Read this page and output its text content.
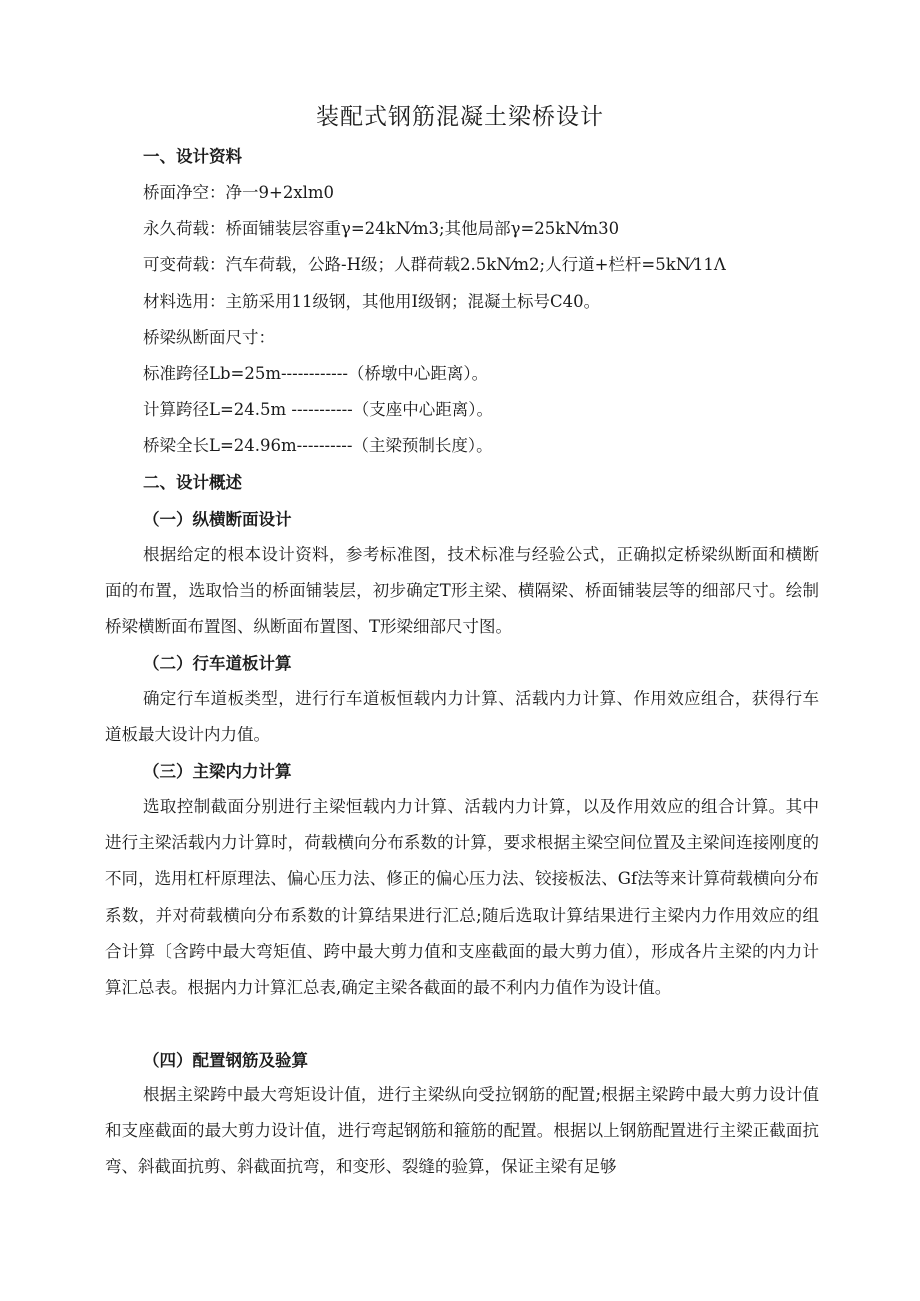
装配式钢筋混凝土梁桥设计
一、设计资料
桥面净空：净一9+2xlm0
永久荷载：桥面铺装层容重γ=24kN⁄m3;其他局部γ=25kN⁄m30
可变荷载：汽车荷载，公路-H级；人群荷载2.5kN⁄m2;人行道+栏杆=5kN⁄11Λ
材料选用：主筋采用11级钢，其他用I级钢；混凝土标号C40。
桥梁纵断面尺寸：
标准跨径Lb=25m------------（桥墩中心距离）。
计算跨径L=24.5m -----------（支座中心距离）。
桥梁全长L=24.96m----------（主梁预制长度）。
二、设计概述
（一）纵横断面设计
根据给定的根本设计资料，参考标准图，技术标准与经验公式，正确拟定桥梁纵断面和横断面的布置，选取恰当的桥面铺装层，初步确定T形主梁、横隔梁、桥面铺装层等的细部尺寸。绘制桥梁横断面布置图、纵断面布置图、T形梁细部尺寸图。
（二）行车道板计算
确定行车道板类型，进行行车道板恒载内力计算、活载内力计算、作用效应组合，获得行车道板最大设计内力值。
（三）主梁内力计算
选取控制截面分别进行主梁恒载内力计算、活载内力计算，以及作用效应的组合计算。其中进行主梁活载内力计算时，荷载横向分布系数的计算，要求根据主梁空间位置及主梁间连接刚度的不同，选用杠杆原理法、偏心压力法、修正的偏心压力法、铰接板法、Gf法等来计算荷载横向分布系数，并对荷载横向分布系数的计算结果进行汇总;随后选取计算结果进行主梁内力作用效应的组合计算〔含跨中最大弯矩值、跨中最大剪力值和支座截面的最大剪力值），形成各片主梁的内力计算汇总表。根据内力计算汇总表,确定主梁各截面的最不利内力值作为设计值。
（四）配置钢筋及验算
根据主梁跨中最大弯矩设计值，进行主梁纵向受拉钢筋的配置;根据主梁跨中最大剪力设计值和支座截面的最大剪力设计值，进行弯起钢筋和箍筋的配置。根据以上钢筋配置进行主梁正截面抗弯、斜截面抗剪、斜截面抗弯，和变形、裂缝的验算，保证主梁有足够
